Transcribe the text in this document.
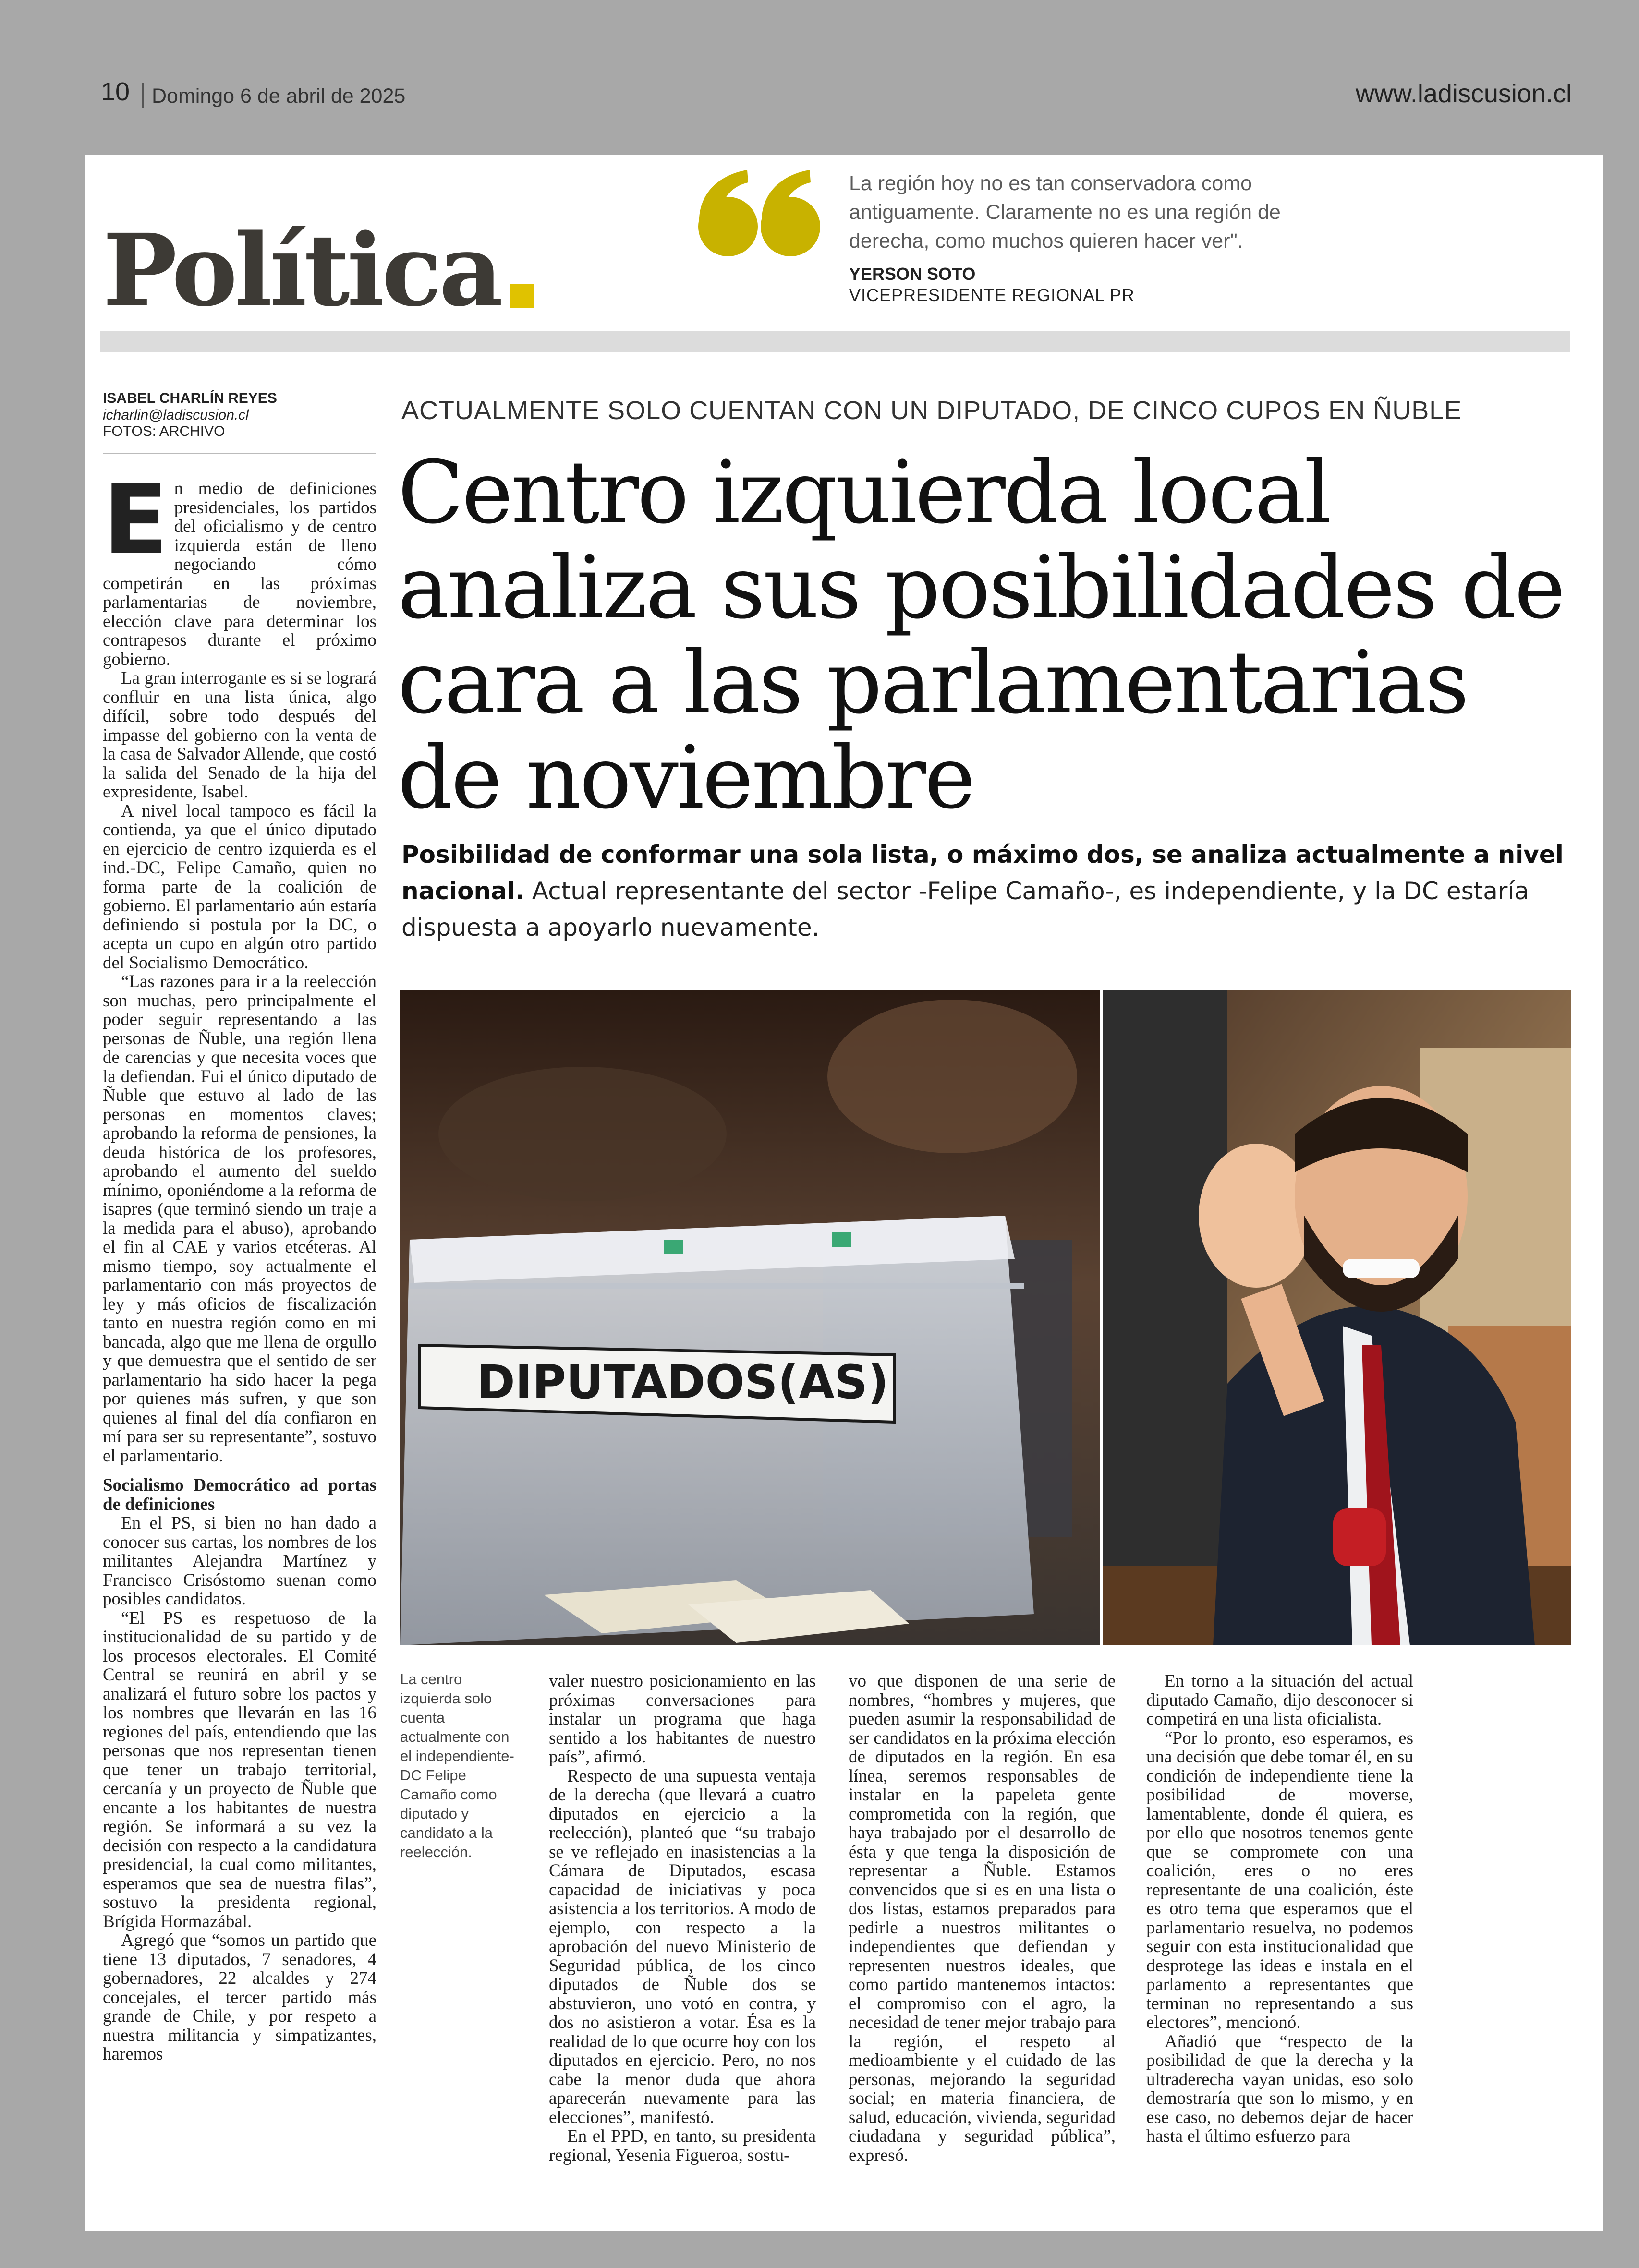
10 Domingo 6 de abril de 2025	www.ladiscusion.cl
Política
La región hoy no es tan conservadora como antiguamente. Claramente no es una región de derecha, como muchos quieren hacer ver".
YERSON SOTO
VICEPRESIDENTE REGIONAL PR
ISABEL CHARLÍN REYES
icharlin@ladiscusion.cl
FOTOS: ARCHIVO
ACTUALMENTE SOLO CUENTAN CON UN DIPUTADO, DE CINCO CUPOS EN ÑUBLE
Centro izquierda local analiza sus posibilidades de cara a las parlamentarias de noviembre
Posibilidad de conformar una sola lista, o máximo dos, se analiza actualmente a nivel nacional. Actual representante del sector -Felipe Camaño-, es independiente, y la DC estaría dispuesta a apoyarlo nuevamente.

En medio de definiciones presidenciales, los partidos del oficialismo y de centro izquierda están de lleno negociando cómo competirán en las próximas parlamentarias de noviembre, elección clave para determinar los contrapesos durante el próximo gobierno.

La gran interrogante es si se logrará confluir en una lista única, algo difícil, sobre todo después del impasse del gobierno con la venta de la casa de Salvador Allende, que costó la salida del Senado de la hija del expresidente, Isabel.

A nivel local tampoco es fácil la contienda, ya que el único diputado en ejercicio de centro izquierda es el ind.-DC, Felipe Camaño, quien no forma parte de la coalición de gobierno. El parlamentario aún estaría definiendo si postula por la DC, o acepta un cupo en algún otro partido del Socialismo Democrático.

“Las razones para ir a la reelección son muchas, pero principalmente el poder seguir representando a las personas de Ñuble, una región llena de carencias y que necesita voces que la defiendan. Fui el único diputado de Ñuble que estuvo al lado de las personas en momentos claves; aprobando la reforma de pensiones, la deuda histórica de los profesores, aprobando el aumento del sueldo mínimo, oponiéndome a la reforma de isapres (que terminó siendo un traje a la medida para el abuso), aprobando el fin al CAE y varios etcéteras. Al mismo tiempo, soy actualmente el parlamentario con más proyectos de ley y más oficios de fiscalización tanto en nuestra región como en mi bancada, algo que me llena de orgullo y que demuestra que el sentido de ser parlamentario ha sido hacer la pega por quienes más sufren, y que son quienes al final del día confiaron en mí para ser su representante”, sostuvo el parlamentario.

Socialismo Democrático ad portas de definiciones

En el PS, si bien no han dado a conocer sus cartas, los nombres de los militantes Alejandra Martínez y Francisco Crisóstomo suenan como posibles candidatos.

“El PS es respetuoso de la institucionalidad de su partido y de los procesos electorales. El Comité Central se reunirá en abril y se analizará el futuro sobre los pactos y los nombres que llevarán en las 16 regiones del país, entendiendo que las personas que nos representan tienen que tener un trabajo territorial, cercanía y un proyecto de Ñuble que encante a los habitantes de nuestra región. Se informará a su vez la decisión con respecto a la candidatura presidencial, la cual como militantes, esperamos que sea de nuestra filas”, sostuvo la presidenta regional, Brígida Hormazábal.

Agregó que “somos un partido que tiene 13 diputados, 7 senadores, 4 gobernadores, 22 alcaldes y 274 concejales, el tercer partido más grande de Chile, y por respeto a nuestra militancia y simpatizantes, haremos

DIPUTADOS(AS)
La centro izquierda solo cuenta actualmente con el independiente-DC Felipe Camaño como diputado y candidato a la reelección.

valer nuestro posicionamiento en las próximas conversaciones para instalar un programa que haga sentido a los habitantes de nuestro país”, afirmó.

Respecto de una supuesta ventaja de la derecha (que llevará a cuatro diputados en ejercicio a la reelección), planteó que “su trabajo se ve reflejado en inasistencias a la Cámara de Diputados, escasa capacidad de iniciativas y poca asistencia a los territorios. A modo de ejemplo, con respecto a la aprobación del nuevo Ministerio de Seguridad pública, de los cinco diputados de Ñuble dos se abstuvieron, uno votó en contra, y dos no asistieron a votar. Ésa es la realidad de lo que ocurre hoy con los diputados en ejercicio. Pero, no nos cabe la menor duda que ahora aparecerán nuevamente para las elecciones”, manifestó.

En el PPD, en tanto, su presidenta regional, Yesenia Figueroa, sostu-

vo que disponen de una serie de nombres, “hombres y mujeres, que pueden asumir la responsabilidad de ser candidatos en la próxima elección de diputados en la región. En esa línea, seremos responsables de instalar en la papeleta gente comprometida con la región, que haya trabajado por el desarrollo de ésta y que tenga la disposición de representar a Ñuble. Estamos convencidos que si es en una lista o dos listas, estamos preparados para pedirle a nuestros militantes o independientes que defiendan y representen nuestros ideales, que como partido mantenemos intactos: el compromiso con el agro, la necesidad de tener mejor trabajo para la región, el respeto al medioambiente y el cuidado de las personas, mejorando la seguridad social; en materia financiera, de salud, educación, vivienda, seguridad ciudadana y seguridad pública”, expresó.

En torno a la situación del actual diputado Camaño, dijo desconocer si competirá en una lista oficialista.

“Por lo pronto, eso esperamos, es una decisión que debe tomar él, en su condición de independiente tiene la posibilidad de moverse, lamentablente, donde él quiera, es por ello que nosotros tenemos gente que se compromete con una coalición, eres o no eres representante de una coalición, éste es otro tema que esperamos que el parlamentario resuelva, no podemos seguir con esta institucionalidad que desprotege las ideas e instala en el parlamento a representantes que terminan no representando a sus electores”, mencionó.

Añadió que “respecto de la posibilidad de que la derecha y la ultraderecha vayan unidas, eso solo demostraría que son lo mismo, y en ese caso, no debemos dejar de hacer hasta el último esfuerzo para
